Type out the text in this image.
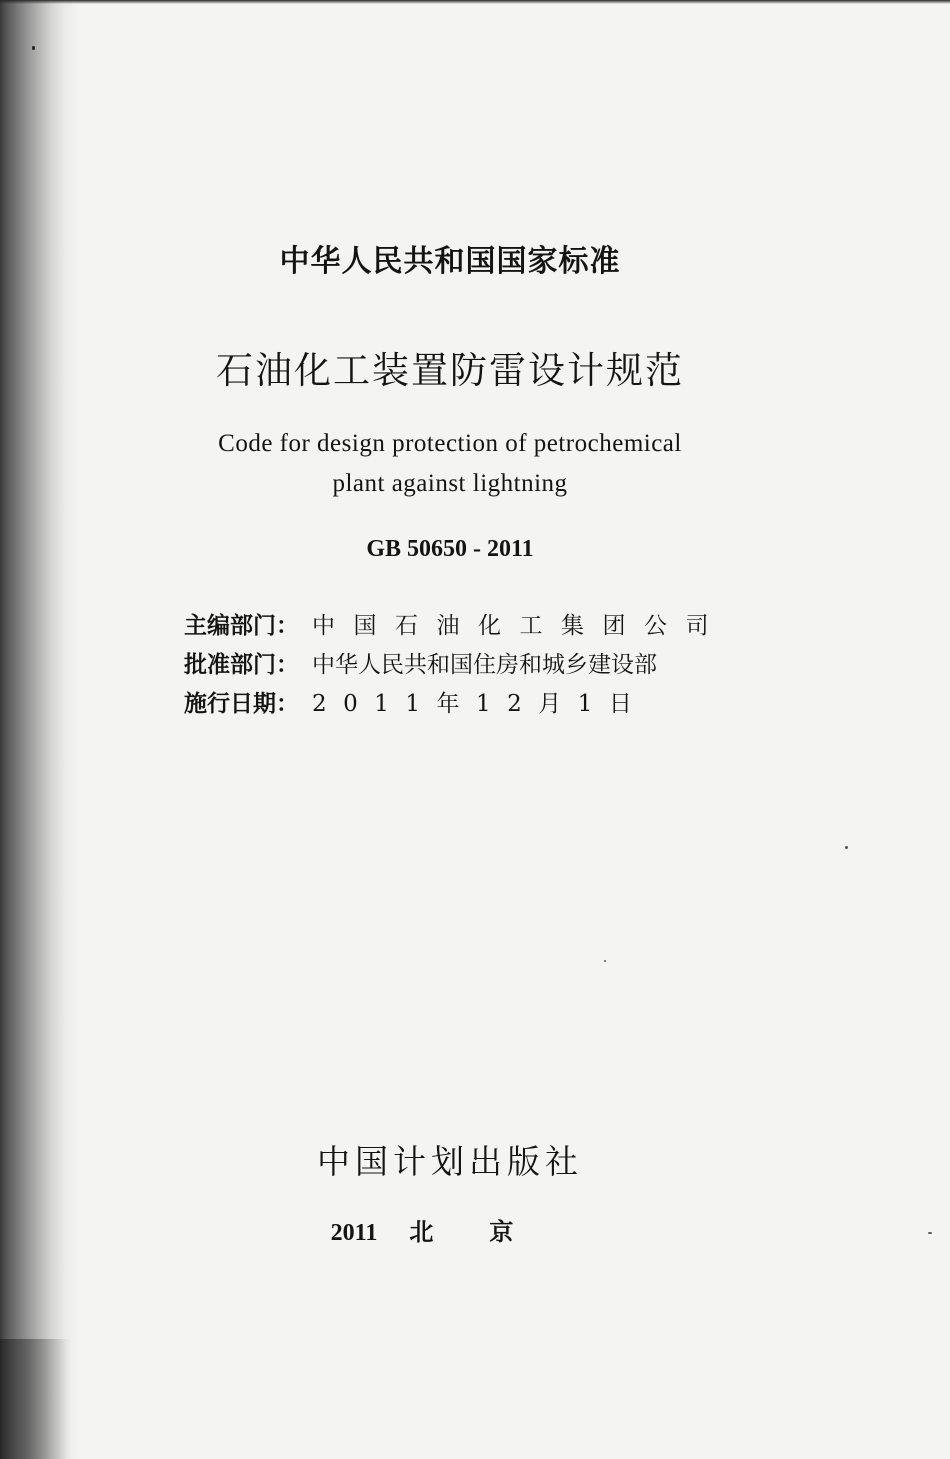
中华人民共和国国家标准
石油化工装置防雷设计规范
Code for design protection of petrochemical
plant against lightning
GB 50650 - 2011
主编部门： 中国石油化工集团公司
批准部门： 中华人民共和国住房和城乡建设部
施行日期： 2011年12月1日
中国计划出版社
2011 北京
